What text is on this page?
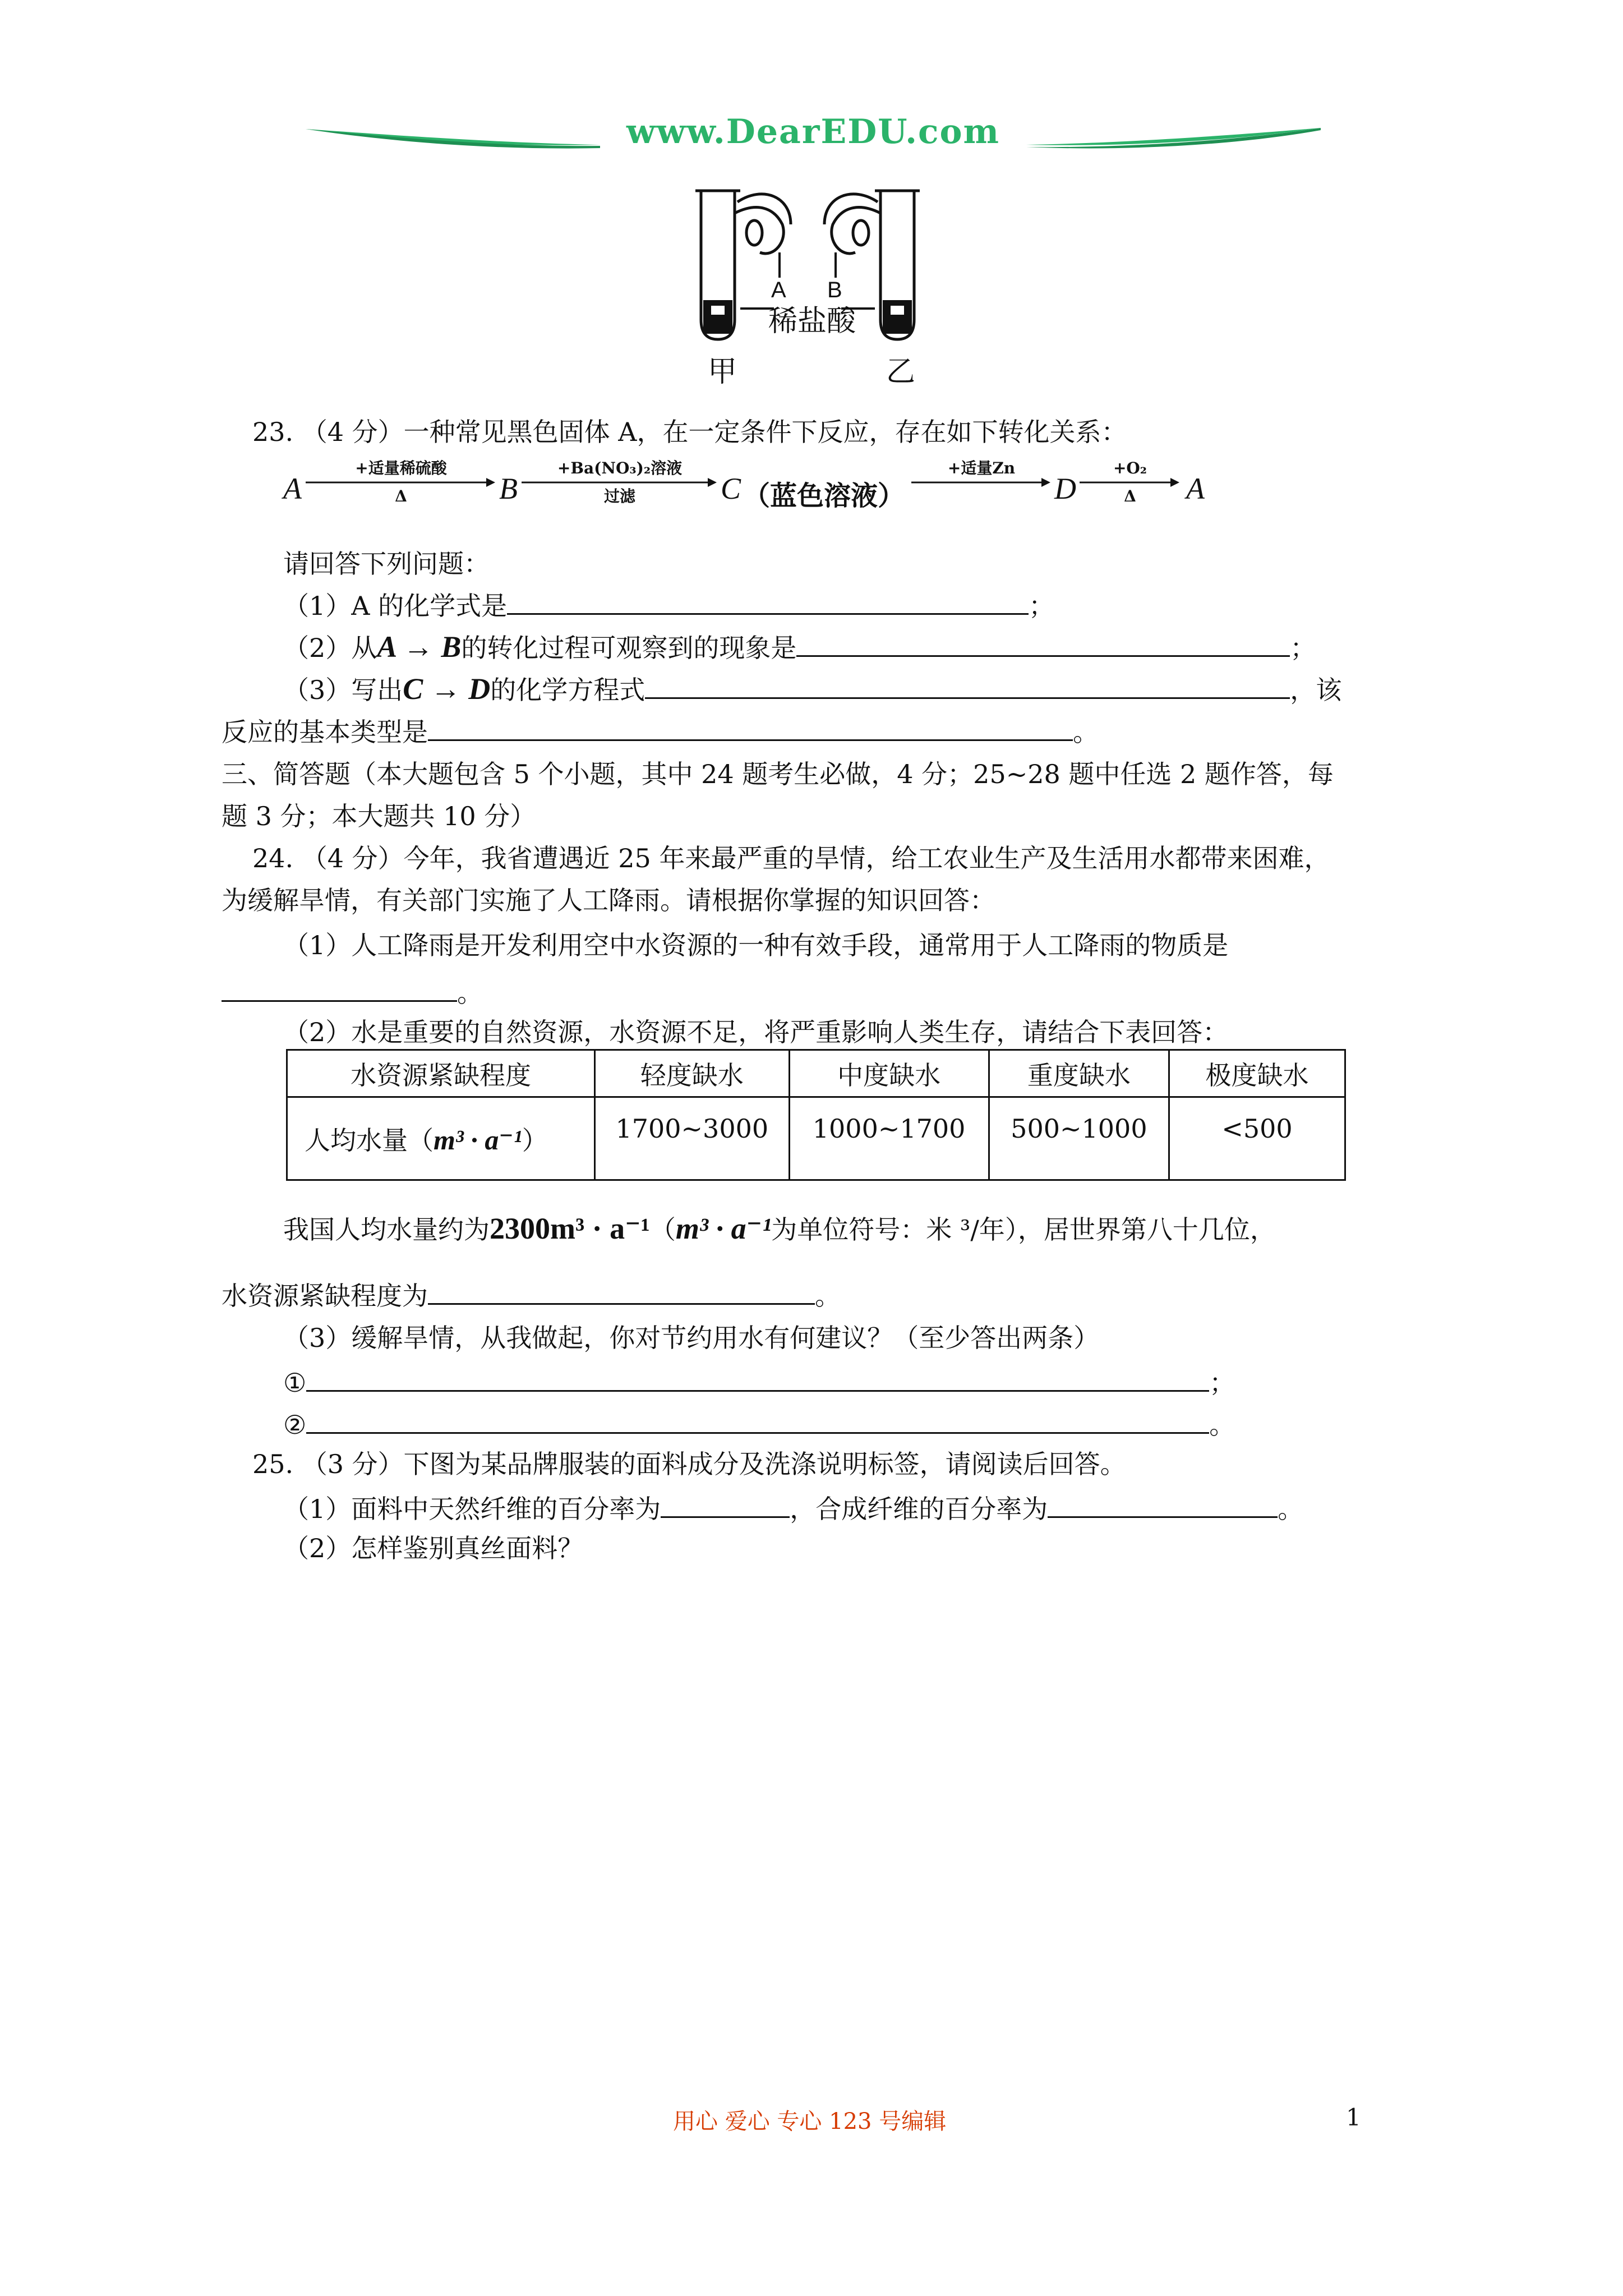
www.DearEDU.com
A B
稀盐酸
甲	乙
23. （4 分）一种常见黑色固体 A，在一定条件下反应，存在如下转化关系：
A
+适量稀硫酸
Δ	B
+Ba(NO₃)₂溶液
过滤	C （蓝色溶液）
+适量Zn
D
+O₂
Δ	A
请回答下列问题：
（1）A 的化学式是	；
（2）从A → B的转化过程可观察到的现象是	；
（3）写出C → D的化学方程式	，该
反应的基本类型是	。
三、简答题（本大题包含 5 个小题，其中 24 题考生必做，4 分；25~28 题中任选 2 题作答，每
题 3 分；本大题共 10 分）
24. （4 分）今年，我省遭遇近 25 年来最严重的旱情，给工农业生产及生活用水都带来困难，
为缓解旱情，有关部门实施了人工降雨。请根据你掌握的知识回答：
（1）人工降雨是开发利用空中水资源的一种有效手段，通常用于人工降雨的物质是
。
（2）水是重要的自然资源，水资源不足，将严重影响人类生存，请结合下表回答：
水资源紧缺程度	轻度缺水	中度缺水	重度缺水	极度缺水
人均水量（m³ · a⁻¹）	1700~3000	1000~1700	500~1000	<500
我国人均水量约为2300m³ · a⁻¹（m³ · a⁻¹为单位符号：米 ³/年），居世界第八十几位，
水资源紧缺程度为	。
（3）缓解旱情，从我做起，你对节约用水有何建议？（至少答出两条）
①	；
②	。
25. （3 分）下图为某品牌服装的面料成分及洗涤说明标签，请阅读后回答。
（1）面料中天然纤维的百分率为	，合成纤维的百分率为	。
（2）怎样鉴别真丝面料？
用心 爱心 专心 123 号编辑	1
